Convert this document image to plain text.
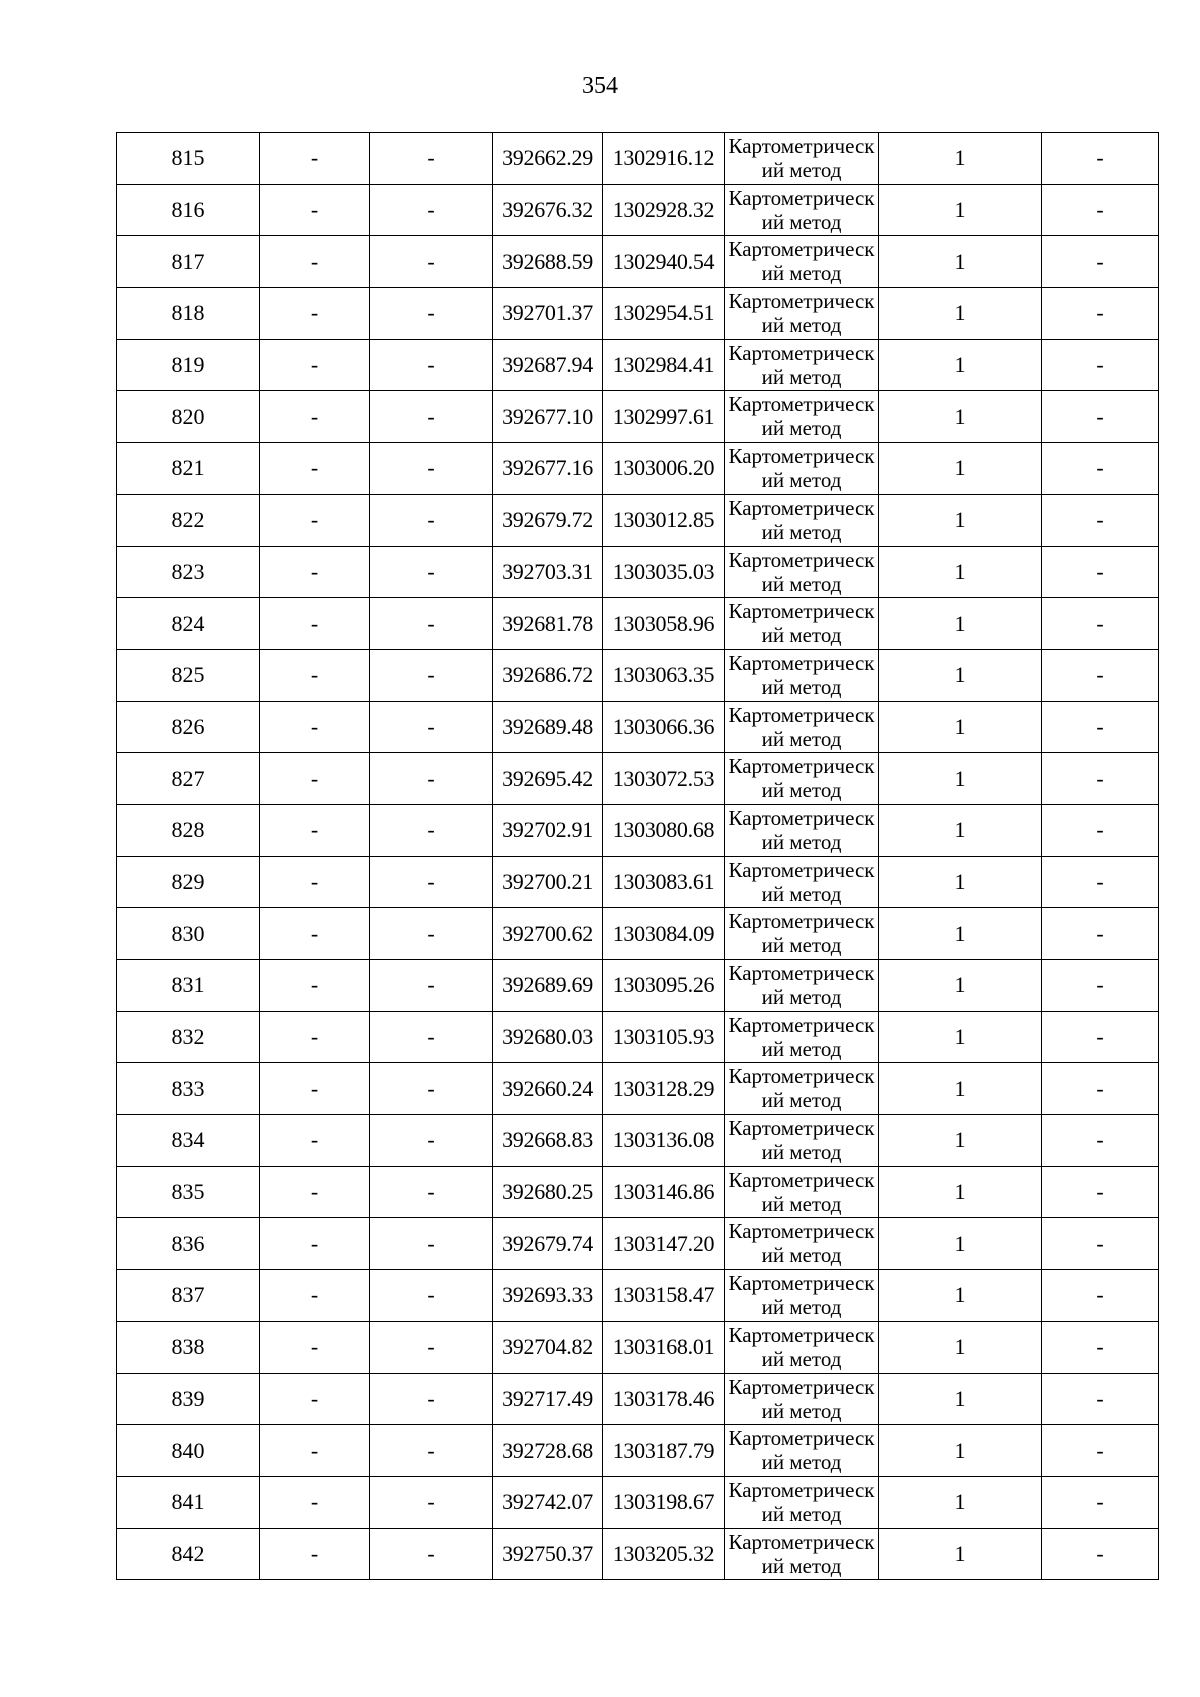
354
815	-	-	392662.29	1302916.12	Картометрический метод	1	-
816	-	-	392676.32	1302928.32	Картометрический метод	1	-
817	-	-	392688.59	1302940.54	Картометрический метод	1	-
818	-	-	392701.37	1302954.51	Картометрический метод	1	-
819	-	-	392687.94	1302984.41	Картометрический метод	1	-
820	-	-	392677.10	1302997.61	Картометрический метод	1	-
821	-	-	392677.16	1303006.20	Картометрический метод	1	-
822	-	-	392679.72	1303012.85	Картометрический метод	1	-
823	-	-	392703.31	1303035.03	Картометрический метод	1	-
824	-	-	392681.78	1303058.96	Картометрический метод	1	-
825	-	-	392686.72	1303063.35	Картометрический метод	1	-
826	-	-	392689.48	1303066.36	Картометрический метод	1	-
827	-	-	392695.42	1303072.53	Картометрический метод	1	-
828	-	-	392702.91	1303080.68	Картометрический метод	1	-
829	-	-	392700.21	1303083.61	Картометрический метод	1	-
830	-	-	392700.62	1303084.09	Картометрический метод	1	-
831	-	-	392689.69	1303095.26	Картометрический метод	1	-
832	-	-	392680.03	1303105.93	Картометрический метод	1	-
833	-	-	392660.24	1303128.29	Картометрический метод	1	-
834	-	-	392668.83	1303136.08	Картометрический метод	1	-
835	-	-	392680.25	1303146.86	Картометрический метод	1	-
836	-	-	392679.74	1303147.20	Картометрический метод	1	-
837	-	-	392693.33	1303158.47	Картометрический метод	1	-
838	-	-	392704.82	1303168.01	Картометрический метод	1	-
839	-	-	392717.49	1303178.46	Картометрический метод	1	-
840	-	-	392728.68	1303187.79	Картометрический метод	1	-
841	-	-	392742.07	1303198.67	Картометрический метод	1	-
842	-	-	392750.37	1303205.32	Картометрический метод	1	-
